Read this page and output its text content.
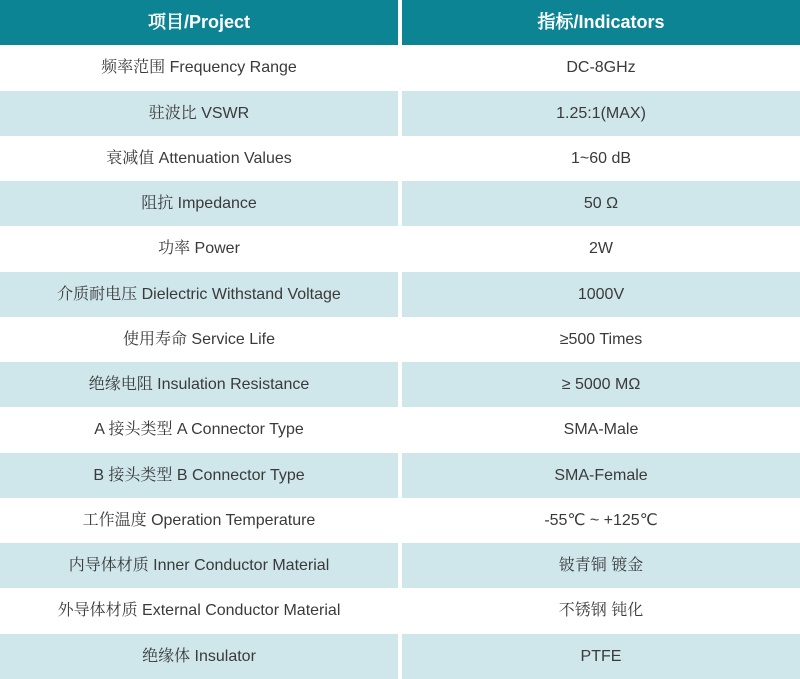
项目/Project	指标/Indicators
频率范围 Frequency Range	DC-8GHz
驻波比 VSWR	1.25:1(MAX)
衰减值 Attenuation Values	1~60 dB
阻抗 Impedance	50 Ω
功率 Power	2W
介质耐电压 Dielectric Withstand Voltage	1000V
使用寿命 Service Life	≥500 Times
绝缘电阻 Insulation Resistance	≥ 5000 MΩ
A 接头类型 A Connector Type	SMA-Male
B 接头类型 B Connector Type	SMA-Female
工作温度 Operation Temperature	-55℃ ~ +125℃
内导体材质 Inner Conductor Material	铍青铜 镀金
外导体材质 External Conductor Material	不锈钢 钝化
绝缘体 Insulator	PTFE
